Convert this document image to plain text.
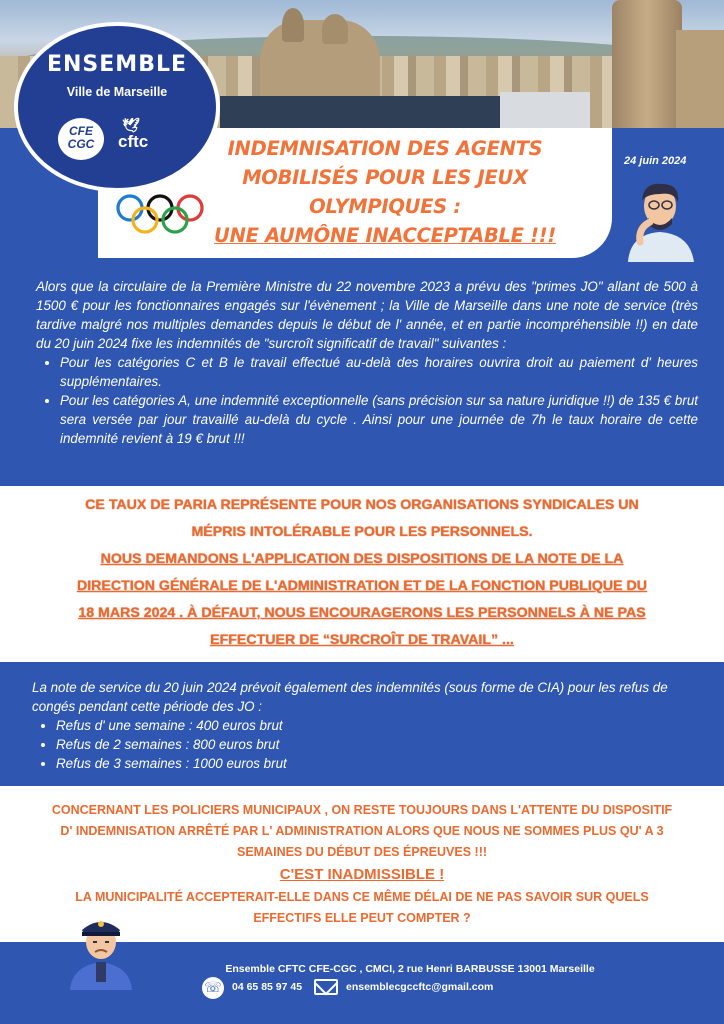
INDEMNISATION DES AGENTS
MOBILISÉS POUR LES JEUX
OLYMPIQUES :
UNE AUMÔNE INACCEPTABLE !!!
24 juin 2024
ENSEMBLE
Ville de Marseille
CFE
CGC
🕊
cftc

Alors que la circulaire de la Première Ministre du 22 novembre 2023 a prévu des "primes JO" allant de 500 à 1500 € pour les fonctionnaires engagés sur l'évènement ; la Ville de Marseille dans une note de service (très tardive malgré nos multiples demandes depuis le début de l' année, et en partie incompréhensible !!) en date du 20 juin 2024 fixe les indemnités de "surcroît significatif de travail" suivantes :

• Pour les catégories C et B le travail effectué au-delà des horaires ouvrira droit au paiement d' heures supplémentaires.
• Pour les catégories A, une indemnité exceptionnelle (sans précision sur sa nature juridique !!) de 135 € brut sera versée par jour travaillé au-delà du cycle . Ainsi pour une journée de 7h le taux horaire de cette indemnité revient à 19 € brut !!!
CE TAUX DE PARIA REPRÉSENTE POUR NOS ORGANISATIONS SYNDICALES UN
MÉPRIS INTOLÉRABLE POUR LES PERSONNELS.
NOUS DEMANDONS L'APPLICATION DES DISPOSITIONS DE LA NOTE DE LA
DIRECTION GÉNÉRALE DE L'ADMINISTRATION ET DE LA FONCTION PUBLIQUE DU
18 MARS 2024 . À DÉFAUT, NOUS ENCOURAGERONS LES PERSONNELS À NE PAS
EFFECTUER DE “SURCROÎT DE TRAVAIL” ...

La note de service du 20 juin 2024 prévoit également des indemnités (sous forme de CIA) pour les refus de congés pendant cette période des JO :

• Refus d' une semaine : 400 euros brut
• Refus de 2 semaines : 800 euros brut
• Refus de 3 semaines : 1000 euros brut
CONCERNANT LES POLICIERS MUNICIPAUX , ON RESTE TOUJOURS DANS L'ATTENTE DU DISPOSITIF
D' INDEMNISATION ARRÊTÉ PAR L' ADMINISTRATION ALORS QUE NOUS NE SOMMES PLUS QU' A 3
SEMAINES DU DÉBUT DES ÉPREUVES !!!
C'EST INADMISSIBLE !
LA MUNICIPALITÉ ACCEPTERAIT-ELLE DANS CE MÊME DÉLAI DE NE PAS SAVOIR SUR QUELS
EFFECTIFS ELLE PEUT COMPTER ?
Ensemble CFTC CFE-CGC , CMCI, 2 rue Henri BARBUSSE 13001 Marseille
☏ 04 65 85 97 45	ensemblecgccftc@gmail.com
